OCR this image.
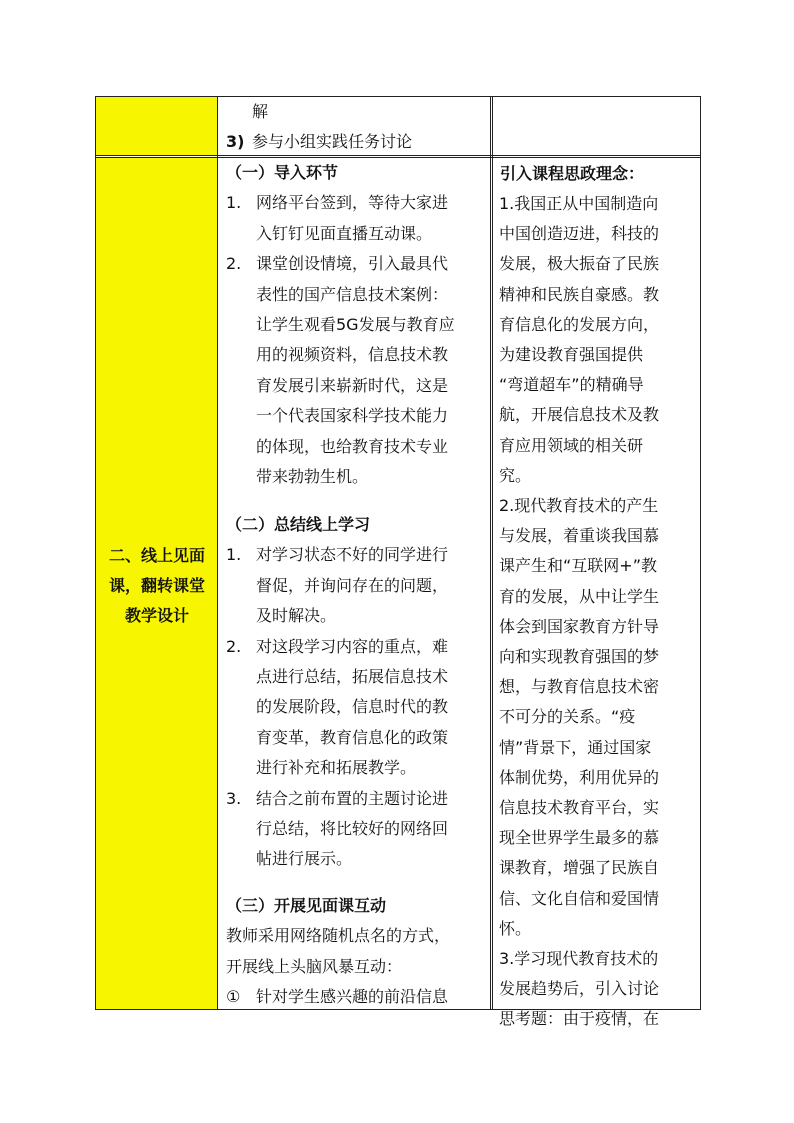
解
3) 参与小组实践任务讨论
二、线上见面
课，翻转课堂
教学设计
（一）导入环节
1. 网络平台签到，等待大家进
入钉钉见面直播互动课。
2. 课堂创设情境，引入最具代
表性的国产信息技术案例：
让学生观看5G发展与教育应
用的视频资料，信息技术教
育发展引来崭新时代，这是
一个代表国家科学技术能力
的体现，也给教育技术专业
带来勃勃生机。
（二）总结线上学习
1. 对学习状态不好的同学进行
督促，并询问存在的问题，
及时解决。
2. 对这段学习内容的重点，难
点进行总结，拓展信息技术
的发展阶段，信息时代的教
育变革，教育信息化的政策
进行补充和拓展教学。
3. 结合之前布置的主题讨论进
行总结，将比较好的网络回
帖进行展示。
（三）开展见面课互动
教师采用网络随机点名的方式，
开展线上头脑风暴互动：
① 针对学生感兴趣的前沿信息
引入课程思政理念：
1.我国正从中国制造向
中国创造迈进，科技的
发展，极大振奋了民族
精神和民族自豪感。教
育信息化的发展方向，
为建设教育强国提供
“弯道超车”的精确导
航，开展信息技术及教
育应用领域的相关研
究。
2.现代教育技术的产生
与发展，着重谈我国慕
课产生和“互联网+”教
育的发展，从中让学生
体会到国家教育方针导
向和实现教育强国的梦
想，与教育信息技术密
不可分的关系。“疫
情”背景下，通过国家
体制优势，利用优异的
信息技术教育平台，实
现全世界学生最多的慕
课教育，增强了民族自
信、文化自信和爱国情
怀。
3.学习现代教育技术的
发展趋势后，引入讨论
思考题：由于疫情，在
